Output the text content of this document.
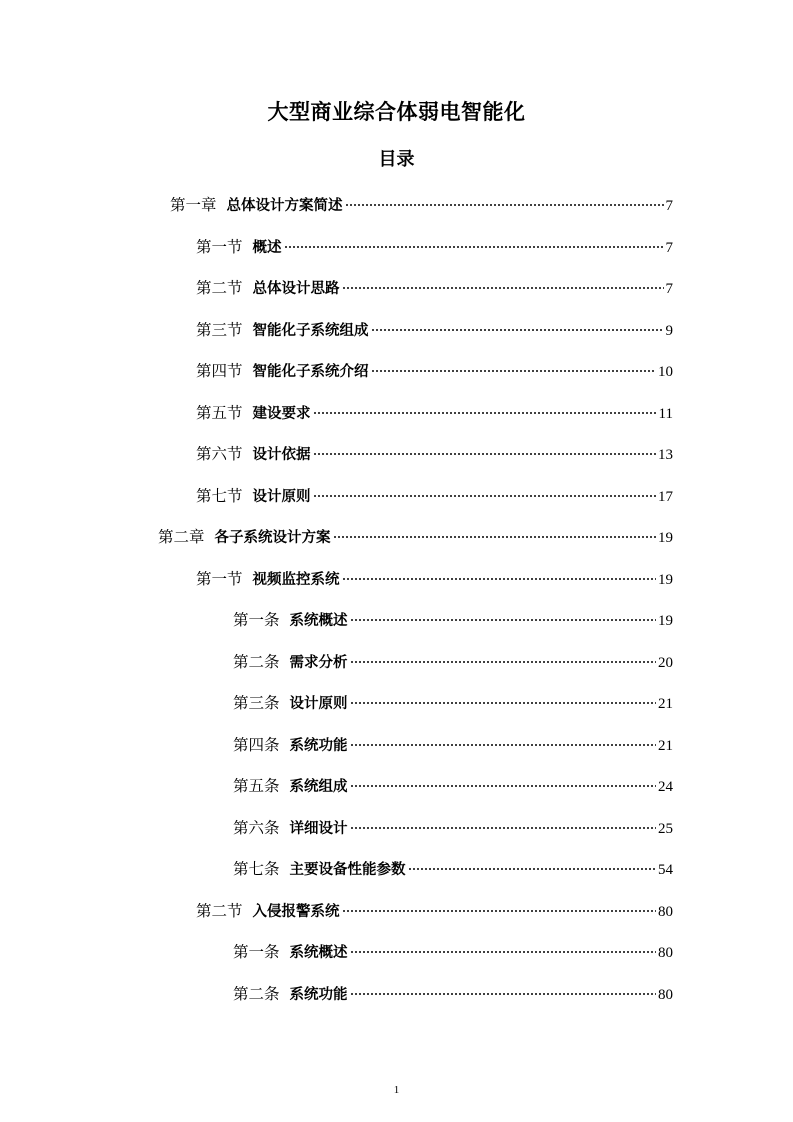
大型商业综合体弱电智能化
目录
第一章 总体设计方案简述	7
第一节 概述	7
第二节 总体设计思路	7
第三节 智能化子系统组成	9
第四节 智能化子系统介绍	10
第五节 建设要求	11
第六节 设计依据	13
第七节 设计原则	17
第二章 各子系统设计方案	19
第一节 视频监控系统	19
第一条 系统概述	19
第二条 需求分析	20
第三条 设计原则	21
第四条 系统功能	21
第五条 系统组成	24
第六条 详细设计	25
第七条 主要设备性能参数	54
第二节 入侵报警系统	80
第一条 系统概述	80
第二条 系统功能	80
1
